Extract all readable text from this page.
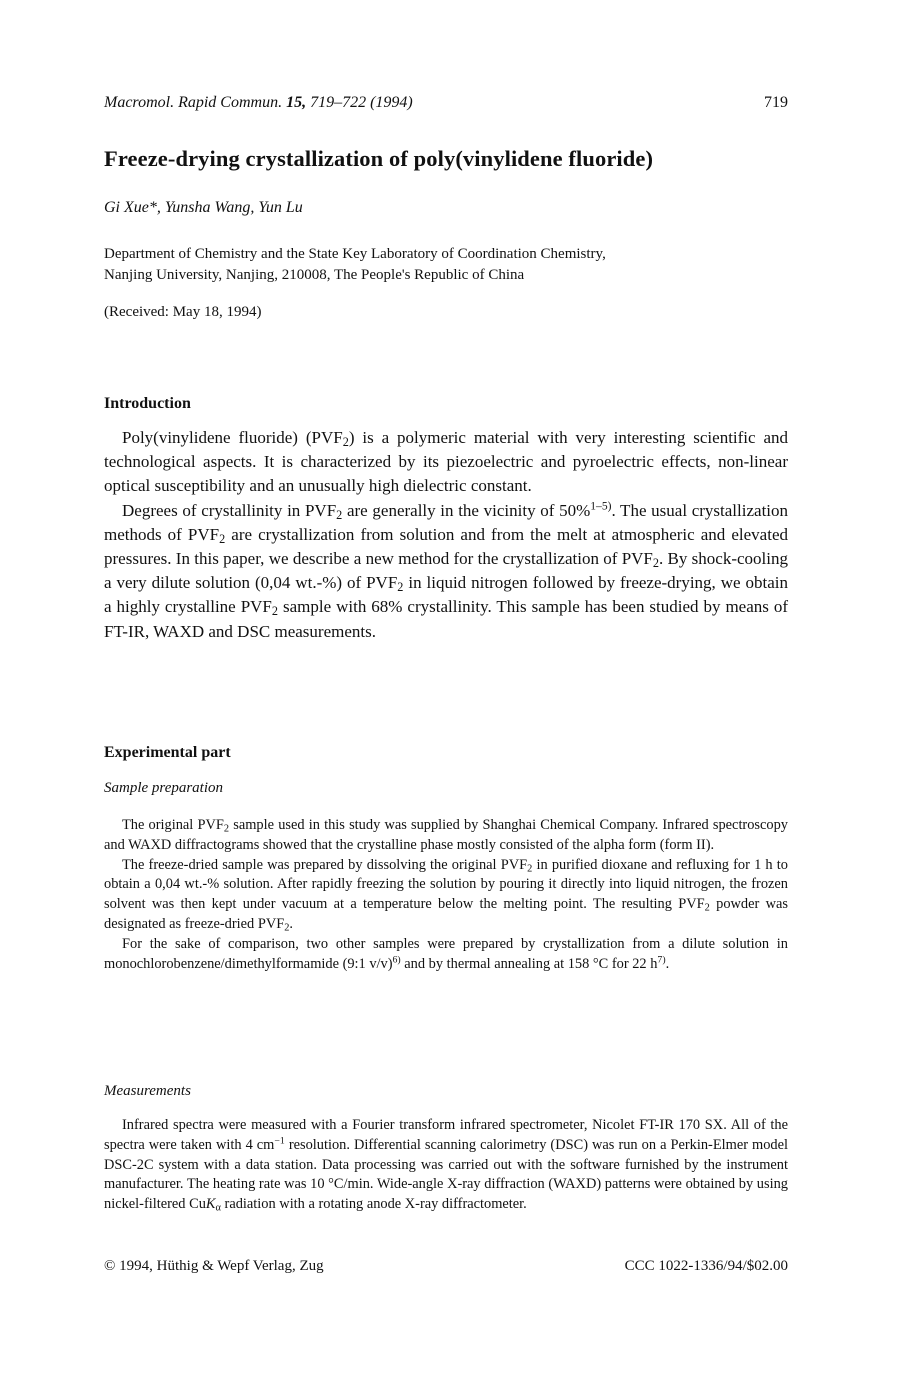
Macromol. Rapid Commun. 15, 719–722 (1994)	719
Freeze-drying crystallization of poly(vinylidene fluoride)
Gi Xue*, Yunsha Wang, Yun Lu
Department of Chemistry and the State Key Laboratory of Coordination Chemistry,
Nanjing University, Nanjing, 210008, The People's Republic of China
(Received: May 18, 1994)
Introduction

Poly(vinylidene fluoride) $(PVF_2)$ is a polymeric material with very interesting scientific and technological aspects. It is characterized by its piezoelectric and pyroelectric effects, non-linear optical susceptibility and an unusually high dielectric constant.

Degrees of crystallinity in $PVF_2$ are generally in the vicinity of 50%$^{1-5)}$. The usual crystallization methods of $PVF_2$ are crystallization from solution and from the melt at atmospheric and elevated pressures. In this paper, we describe a new method for the crystallization of $PVF_2$. By shock-cooling a very dilute solution (0,04 wt.-%) of $PVF_2$ in liquid nitrogen followed by freeze-drying, we obtain a highly crystalline $PVF_2$ sample with 68% crystallinity. This sample has been studied by means of FT-IR, WAXD and DSC measurements.

Experimental part
Sample preparation

The original $PVF_2$ sample used in this study was supplied by Shanghai Chemical Company. Infrared spectroscopy and WAXD diffractograms showed that the crystalline phase mostly consisted of the alpha form (form II).

The freeze-dried sample was prepared by dissolving the original $PVF_2$ in purified dioxane and refluxing for 1 h to obtain a 0,04 wt.-% solution. After rapidly freezing the solution by pouring it directly into liquid nitrogen, the frozen solvent was then kept under vacuum at a temperature below the melting point. The resulting $PVF_2$ powder was designated as freeze-dried $PVF_2$.

For the sake of comparison, two other samples were prepared by crystallization from a dilute solution in monochlorobenzene/dimethylformamide (9:1 v/v)$^{6)}$ and by thermal annealing at 158 °C for 22 $h^{7)}$.

Measurements

Infrared spectra were measured with a Fourier transform infrared spectrometer, Nicolet FT-IR 170 SX. All of the spectra were taken with 4 $cm^{-1}$ resolution. Differential scanning calorimetry (DSC) was run on a Perkin-Elmer model DSC-2C system with a data station. Data processing was carried out with the software furnished by the instrument manufacturer. The heating rate was 10 °C/min. Wide-angle X-ray diffraction (WAXD) patterns were obtained by using nickel-filtered CuK$_\alpha$ radiation with a rotating anode X-ray diffractometer.

© 1994, Hüthig & Wepf Verlag, Zug	CCC 1022-1336/94/$02.00
